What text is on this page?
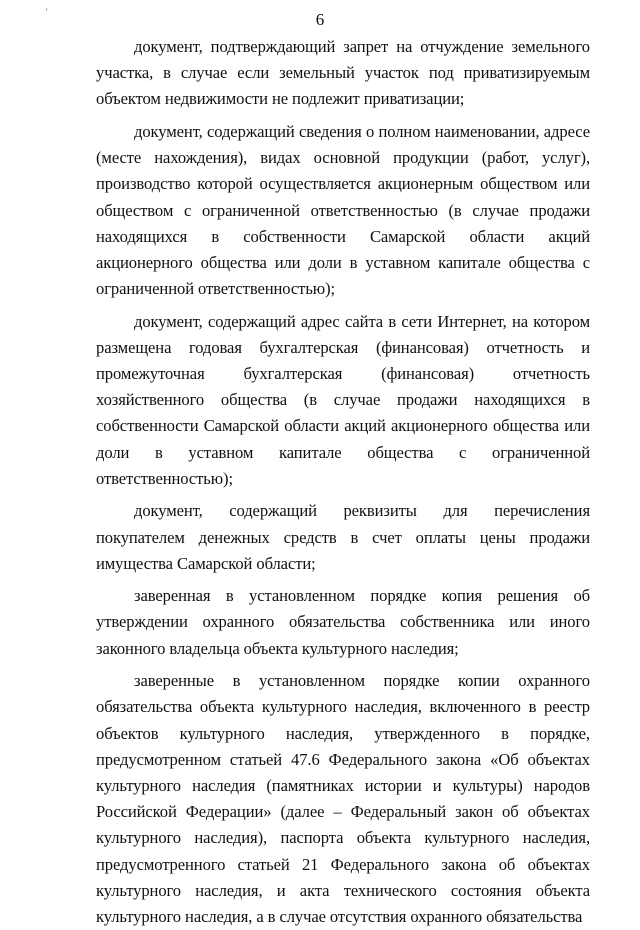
'	6

документ, подтверждающий запрет на отчуждение земельного участка, в случае если земельный участок под приватизируемым объектом недвижимости не подлежит приватизации;

документ, содержащий сведения о полном наименовании, адресе (месте нахождения), видах основной продукции (работ, услуг), производство которой осуществляется акционерным обществом или обществом с ограниченной ответственностью (в случае продажи находящихся в собственности Самарской области акций акционерного общества или доли в уставном капитале общества с ограниченной ответственностью);

документ, содержащий адрес сайта в сети Интернет, на котором размещена годовая бухгалтерская (финансовая) отчетность и промежуточная бухгалтерская (финансовая) отчетность хозяйственного общества (в случае продажи находящихся в собственности Самарской области акций акционерного общества или доли в уставном капитале общества с ограниченной ответственностью);

документ, содержащий реквизиты для перечисления покупателем денежных средств в счет оплаты цены продажи имущества Самарской области;

заверенная в установленном порядке копия решения об утверждении охранного обязательства собственника или иного законного владельца объекта культурного наследия;

заверенные в установленном порядке копии охранного обязательства объекта культурного наследия, включенного в реестр объектов культурного наследия, утвержденного в порядке, предусмотренном статьей 47.6 Федерального закона «Об объектах культурного наследия (памятниках истории и культуры) народов Российской Федерации» (далее – Федеральный закон об объектах культурного наследия), паспорта объекта культурного наследия, предусмотренного статьей 21 Федерального закона об объектах культурного наследия, и акта технического состояния объекта культурного наследия, а в случае отсутствия охранного обязательства
